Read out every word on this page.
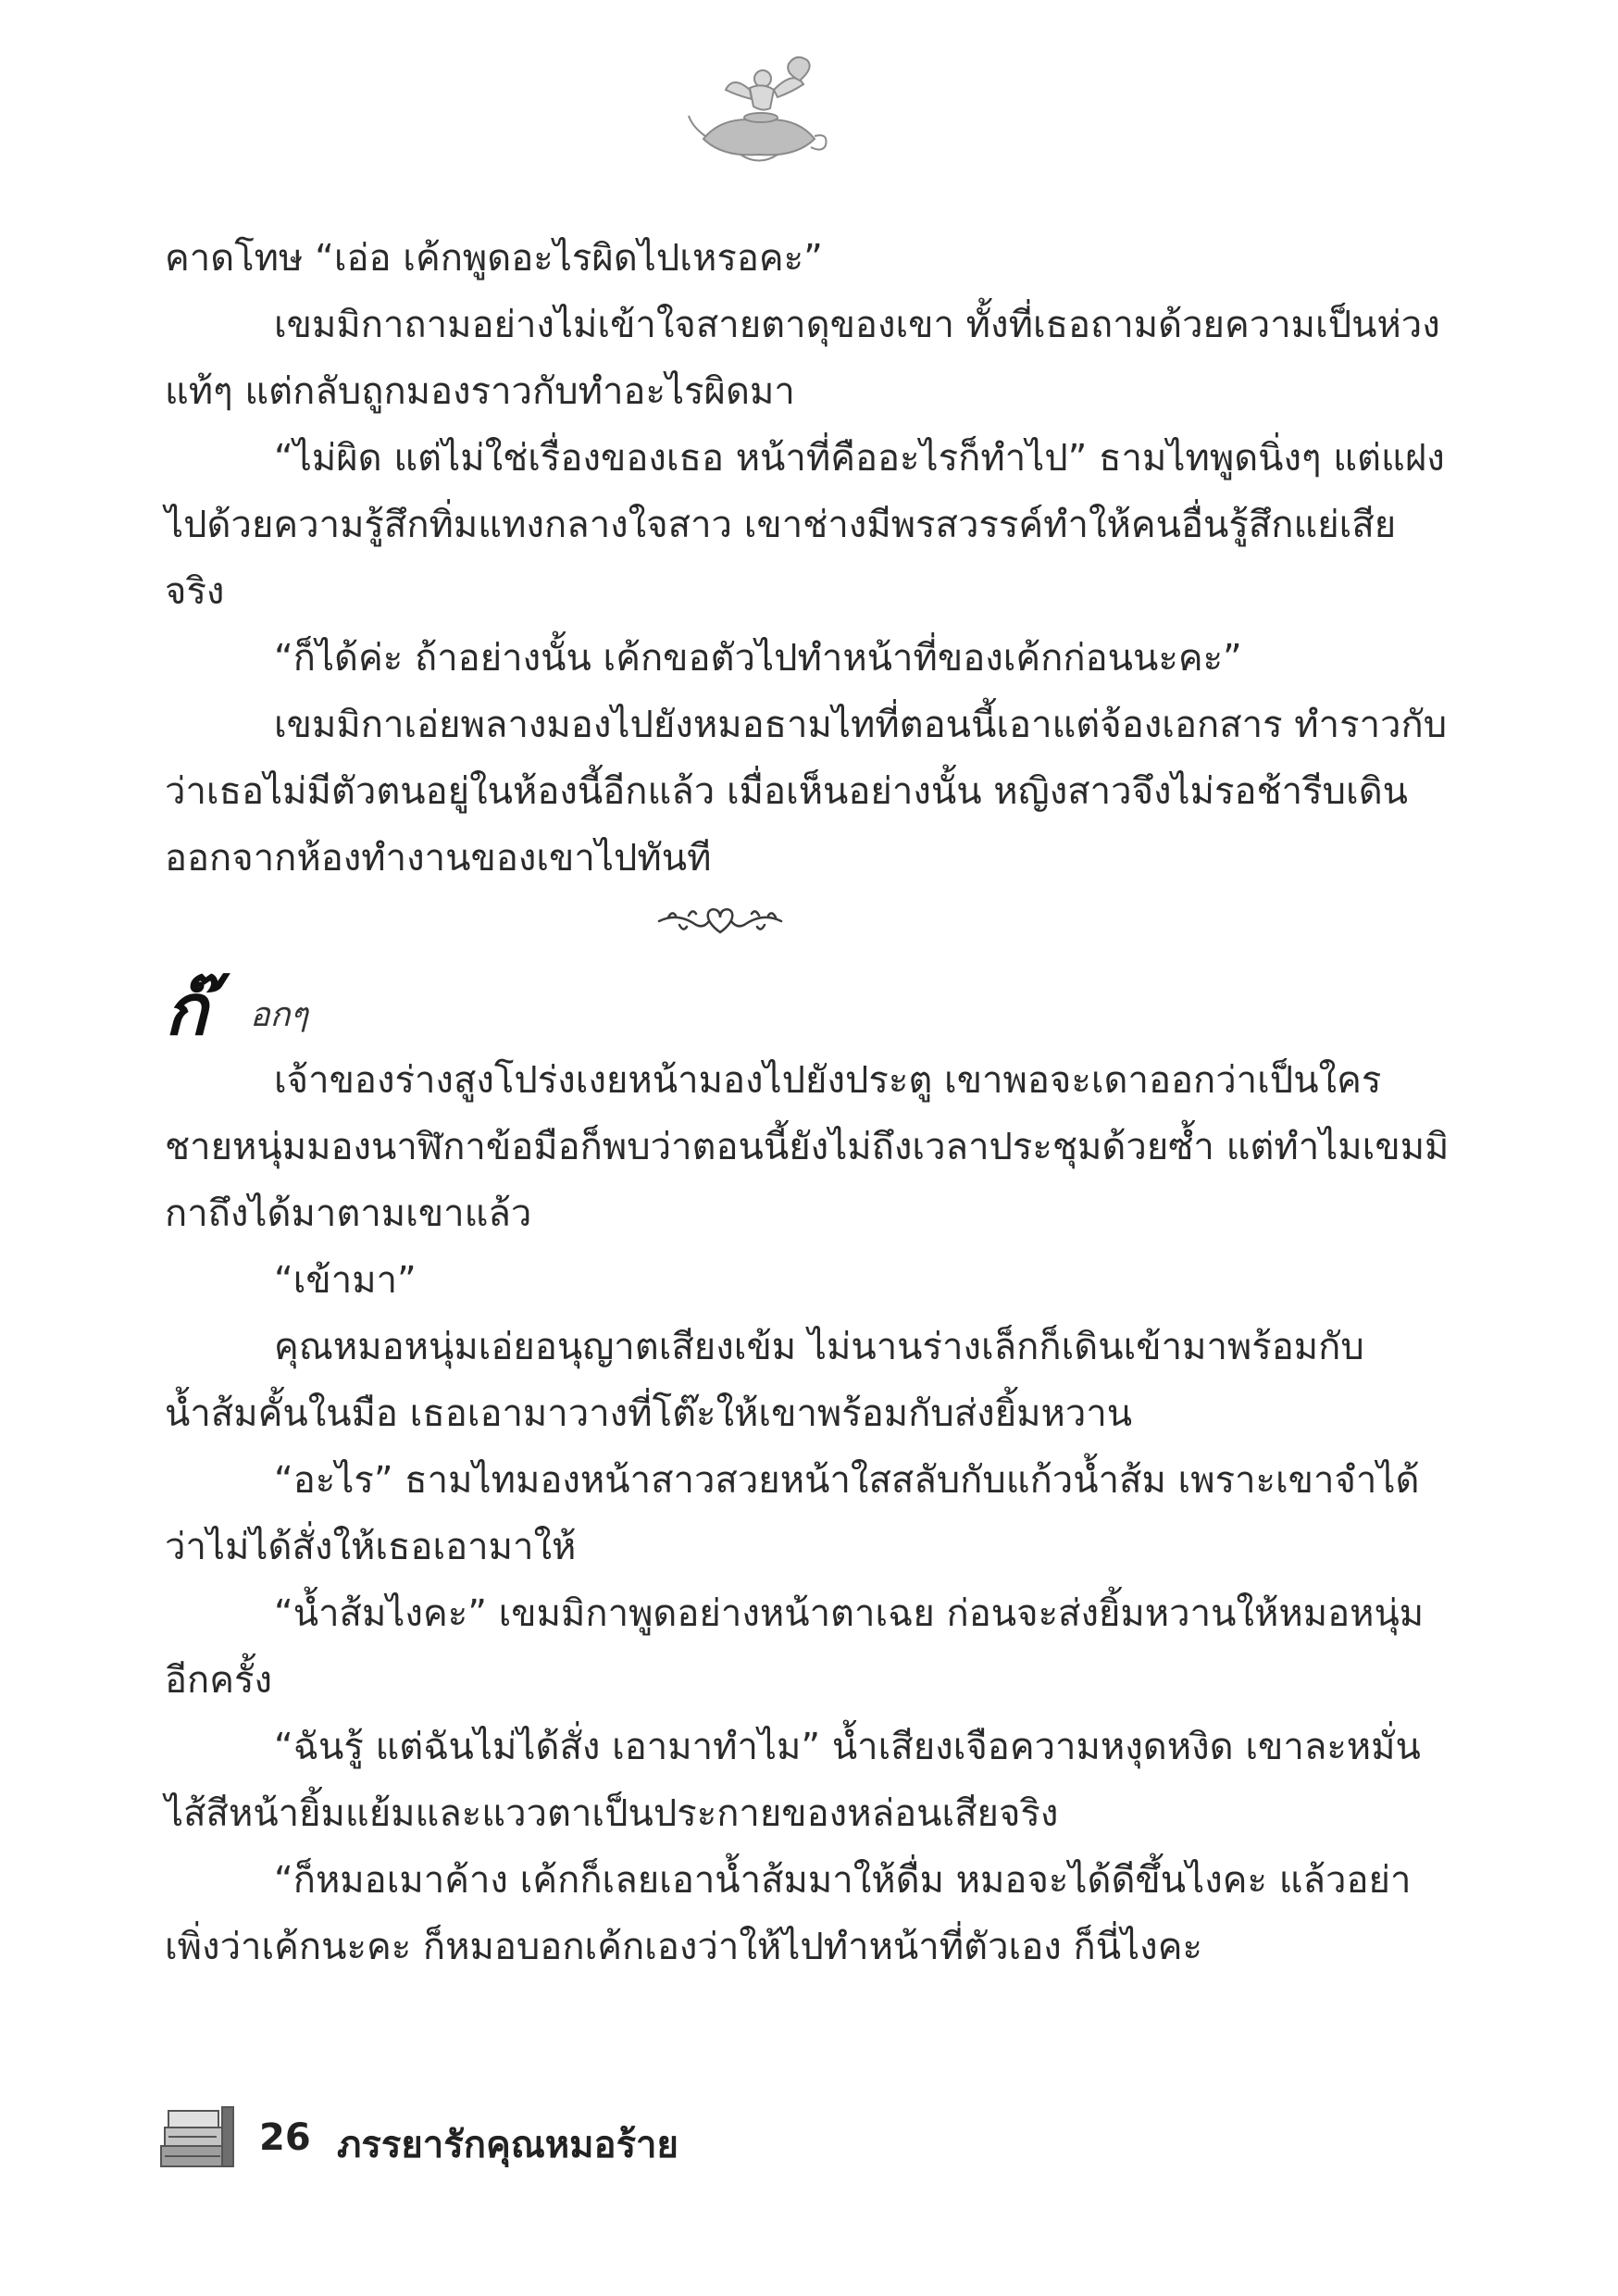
คาดโทษ “เอ่อ เค้กพูดอะไรผิดไปเหรอคะ”

เขมมิกาถามอย่างไม่เข้าใจสายตาดุของเขา ทั้งที่เธอถามด้วยความเป็นห่วงแท้ๆ แต่กลับถูกมองราวกับทำอะไรผิดมา

“ไม่ผิด แต่ไม่ใช่เรื่องของเธอ หน้าที่คืออะไรก็ทำไป” ธามไทพูดนิ่งๆ แต่แฝงไปด้วยความรู้สึกทิ่มแทงกลางใจสาว เขาช่างมีพรสวรรค์ทำให้คนอื่นรู้สึกแย่เสียจริง

“ก็ได้ค่ะ ถ้าอย่างนั้น เค้กขอตัวไปทำหน้าที่ของเค้กก่อนนะคะ”

เขมมิกาเอ่ยพลางมองไปยังหมอธามไทที่ตอนนี้เอาแต่จ้องเอกสาร ทำราวกับว่าเธอไม่มีตัวตนอยู่ในห้องนี้อีกแล้ว เมื่อเห็นอย่างนั้น หญิงสาวจึงไม่รอช้ารีบเดินออกจากห้องทำงานของเขาไปทันที

ก๊ อกๆ

เจ้าของร่างสูงโปร่งเงยหน้ามองไปยังประตู เขาพอจะเดาออกว่าเป็นใคร ชายหนุ่มมองนาฬิกาข้อมือก็พบว่าตอนนี้ยังไม่ถึงเวลาประชุมด้วยซ้ำ แต่ทำไมเขมมิกาถึงได้มาตามเขาแล้ว

“เข้ามา”

คุณหมอหนุ่มเอ่ยอนุญาตเสียงเข้ม ไม่นานร่างเล็กก็เดินเข้ามาพร้อมกับน้ำส้มคั้นในมือ เธอเอามาวางที่โต๊ะให้เขาพร้อมกับส่งยิ้มหวาน

“อะไร” ธามไทมองหน้าสาวสวยหน้าใสสลับกับแก้วน้ำส้ม เพราะเขาจำได้ว่าไม่ได้สั่งให้เธอเอามาให้

“น้ำส้มไงคะ” เขมมิกาพูดอย่างหน้าตาเฉย ก่อนจะส่งยิ้มหวานให้หมอหนุ่มอีกครั้ง

“ฉันรู้ แต่ฉันไม่ได้สั่ง เอามาทำไม” น้ำเสียงเจือความหงุดหงิด เขาละหมั่นไส้สีหน้ายิ้มแย้มและแววตาเป็นประกายของหล่อนเสียจริง

“ก็หมอเมาค้าง เค้กก็เลยเอาน้ำส้มมาให้ดื่ม หมอจะได้ดีขึ้นไงคะ แล้วอย่าเพิ่งว่าเค้กนะคะ ก็หมอบอกเค้กเองว่าให้ไปทำหน้าที่ตัวเอง ก็นี่ไงคะ

26 ภรรยารักคุณหมอร้าย
